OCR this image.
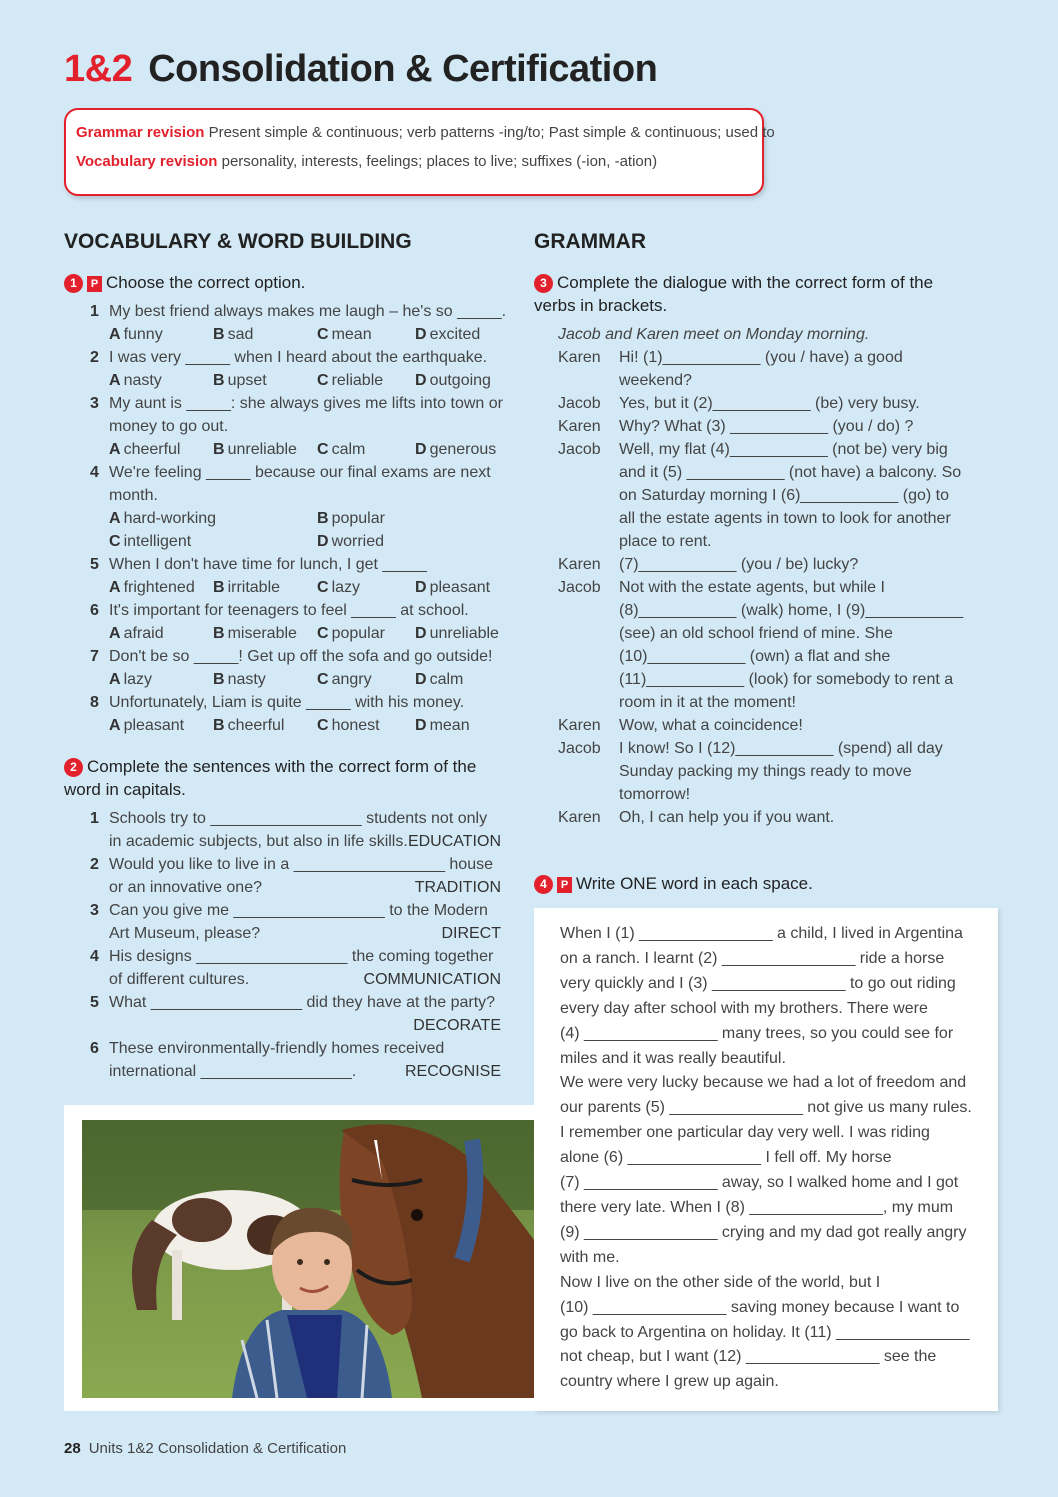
1&2 Consolidation & Certification
Grammar revision Present simple & continuous; verb patterns -ing/to; Past simple & continuous; used to
Vocabulary revision personality, interests, feelings; places to live; suffixes (-ion, -ation)
VOCABULARY & WORD BUILDING	GRAMMAR
1 P Choose the correct option.
1 My best friend always makes me laugh – he's so _____.
A funny	B sad	C mean	D excited
2 I was very _____ when I heard about the earthquake.
A nasty	B upset	C reliable D outgoing
3 My aunt is _____: she always gives me lifts into town or money to go out.
A cheerful B unreliable C calm	D generous
4 We're feeling _____ because our final exams are next month.
A hard-working	B popular
C intelligent	D worried
5 When I don't have time for lunch, I get _____
A frightened B irritable C lazy	D pleasant
6 It's important for teenagers to feel _____ at school.
A afraid	B miserable C popular D unreliable
7 Don't be so _____! Get up off the sofa and go outside!
A lazy	B nasty	C angry	D calm
8 Unfortunately, Liam is quite _____ with his money.
A pleasant B cheerful C honest D mean
2 Complete the sentences with the correct form of the word in capitals.
1 Schools try to _________________ students not only
in academic subjects, but also in life skills. EDUCATION
2 Would you like to live in a _________________ house
or an innovative one?	TRADITION
3 Can you give me _________________ to the Modern
Art Museum, please?	DIRECT
4 His designs _________________ the coming together
of different cultures.	COMMUNICATION
5 What _________________ did they have at the party?
DECORATE
6 These environmentally-friendly homes received
international _________________.	RECOGNISE
3 Complete the dialogue with the correct form of the verbs in brackets.
Jacob and Karen meet on Monday morning.
Karen Hi! (1)___________ (you / have) a good weekend?
Jacob Yes, but it (2)___________ (be) very busy.
Karen Why? What (3) ___________ (you / do) ?
Jacob Well, my flat (4)___________ (not be) very big and it (5) ___________ (not have) a balcony. So on Saturday morning I (6)___________ (go) to all the estate agents in town to look for another place to rent.
Karen (7)___________ (you / be) lucky?
Jacob Not with the estate agents, but while I (8)___________ (walk) home, I (9)___________ (see) an old school friend of mine. She (10)___________ (own) a flat and she (11)___________ (look) for somebody to rent a room in it at the moment!
Karen Wow, what a coincidence!
Jacob I know! So I (12)___________ (spend) all day Sunday packing my things ready to move tomorrow!
Karen Oh, I can help you if you want.
4 P Write ONE word in each space.
When I (1) _______________ a child, I lived in Argentina
on a ranch. I learnt (2) _______________ ride a horse
very quickly and I (3) _______________ to go out riding
every day after school with my brothers. There were
(4) _______________ many trees, so you could see for
miles and it was really beautiful.
We were very lucky because we had a lot of freedom and
our parents (5) _______________ not give us many rules.
I remember one particular day very well. I was riding
alone (6) _______________ I fell off. My horse
(7) _______________ away, so I walked home and I got
there very late. When I (8) _______________, my mum
(9) _______________ crying and my dad got really angry
with me.
Now I live on the other side of the world, but I
(10) _______________ saving money because I want to
go back to Argentina on holiday. It (11) _______________
not cheap, but I want (12) _______________ see the
country where I grew up again.
28 Units 1&2 Consolidation & Certification
